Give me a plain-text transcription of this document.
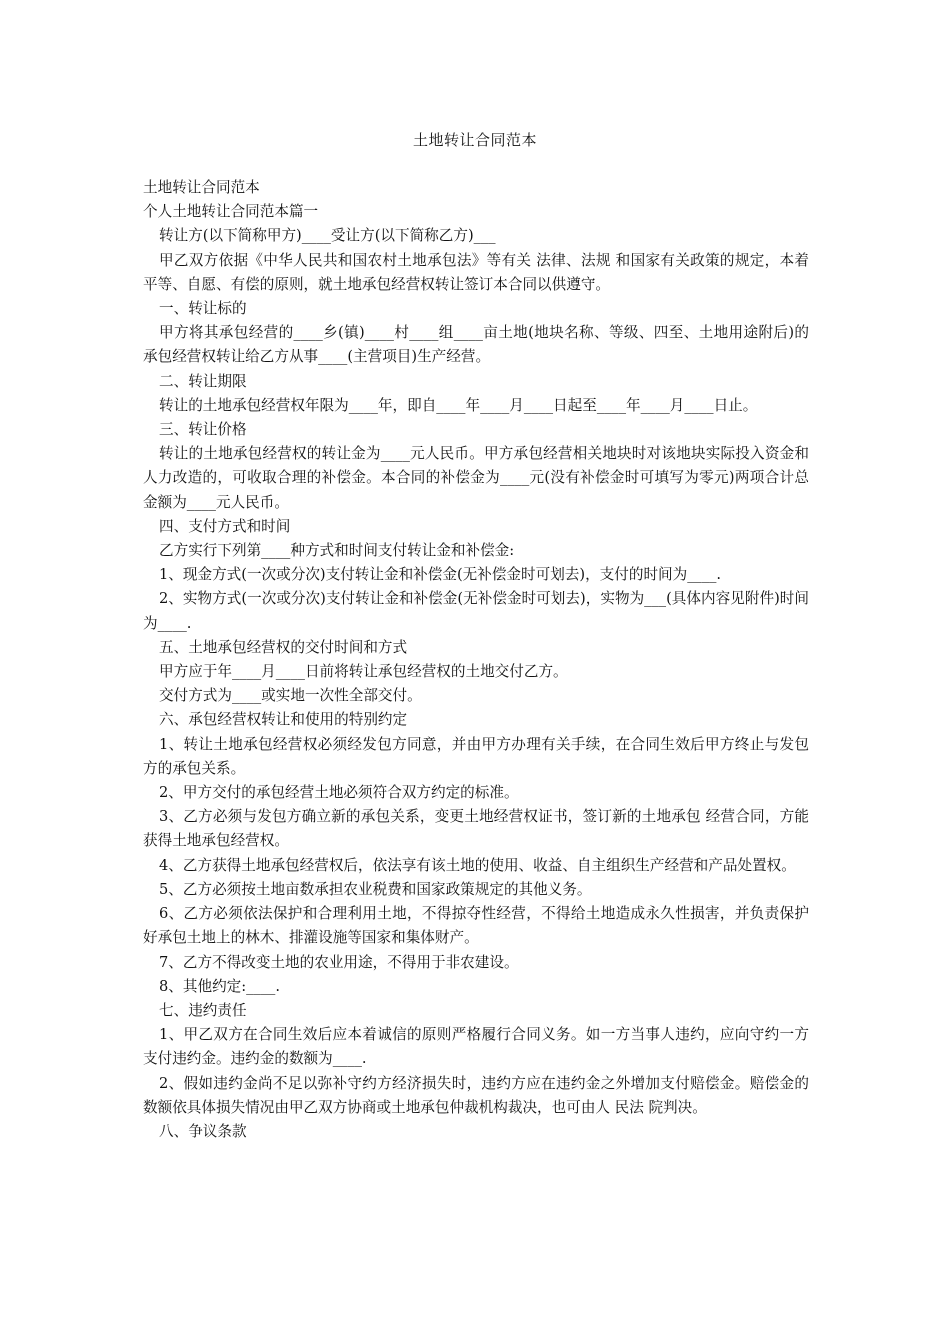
土地转让合同范本

土地转让合同范本

个人土地转让合同范本篇一

转让方(以下简称甲方)____受让方(以下简称乙方)___

甲乙双方依据《中华人民共和国农村土地承包法》等有关 法律、法规 和国家有关政策的规定，本着平等、自愿、有偿的原则，就土地承包经营权转让签订本合同以供遵守。

一、转让标的

甲方将其承包经营的____乡(镇)____村____组____亩土地(地块名称、等级、四至、土地用途附后)的承包经营权转让给乙方从事____(主营项目)生产经营。

二、转让期限

转让的土地承包经营权年限为____年，即自____年____月____日起至____年____月____日止。

三、转让价格

转让的土地承包经营权的转让金为____元人民币。甲方承包经营相关地块时对该地块实际投入资金和人力改造的，可收取合理的补偿金。本合同的补偿金为____元(没有补偿金时可填写为零元)两项合计总金额为____元人民币。

四、支付方式和时间

乙方实行下列第____种方式和时间支付转让金和补偿金:

1、现金方式(一次或分次)支付转让金和补偿金(无补偿金时可划去)，支付的时间为____.

2、实物方式(一次或分次)支付转让金和补偿金(无补偿金时可划去)，实物为___(具体内容见附件)时间为____.

五、土地承包经营权的交付时间和方式

甲方应于年____月____日前将转让承包经营权的土地交付乙方。

交付方式为____或实地一次性全部交付。

六、承包经营权转让和使用的特别约定

1、转让土地承包经营权必须经发包方同意，并由甲方办理有关手续，在合同生效后甲方终止与发包方的承包关系。

2、甲方交付的承包经营土地必须符合双方约定的标准。

3、乙方必须与发包方确立新的承包关系，变更土地经营权证书，签订新的土地承包 经营合同，方能获得土地承包经营权。

4、乙方获得土地承包经营权后，依法享有该土地的使用、收益、自主组织生产经营和产品处置权。

5、乙方必须按土地亩数承担农业税费和国家政策规定的其他义务。

6、乙方必须依法保护和合理利用土地，不得掠夺性经营，不得给土地造成永久性损害，并负责保护好承包土地上的林木、排灌设施等国家和集体财产。

7、乙方不得改变土地的农业用途，不得用于非农建设。

8、其他约定:____.

七、违约责任

1、甲乙双方在合同生效后应本着诚信的原则严格履行合同义务。如一方当事人违约，应向守约一方支付违约金。违约金的数额为____.

2、假如违约金尚不足以弥补守约方经济损失时，违约方应在违约金之外增加支付赔偿金。赔偿金的数额依具体损失情况由甲乙双方协商或土地承包仲裁机构裁决，也可由人 民法 院判决。

八、争议条款
